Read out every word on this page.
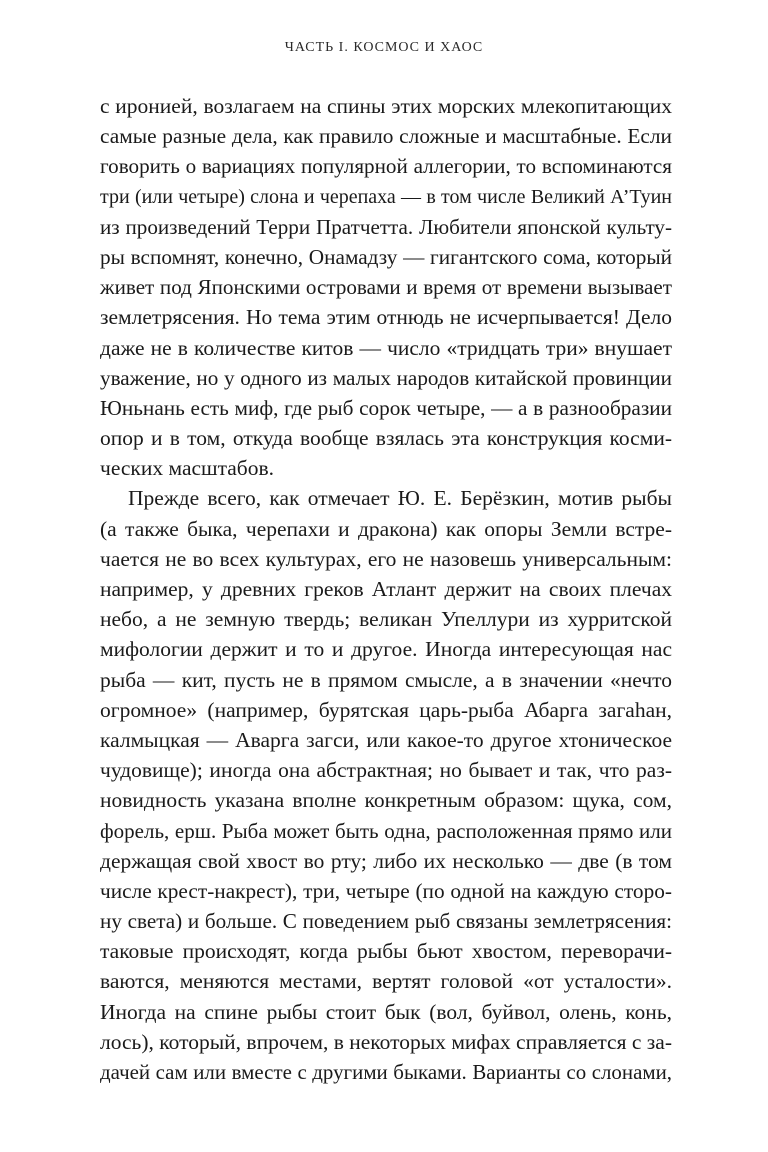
ЧАСТЬ I. КОСМОС И ХАОС
с иронией, возлагаем на спины этих морских млекопитающих
самые разные дела, как правило сложные и масштабные. Если
говорить о вариациях популярной аллегории, то вспоминаются
три (или четыре) слона и черепаха — в том числе Великий А’Туин
из произведений Терри Пратчетта. Любители японской культу-
ры вспомнят, конечно, Онамадзу — гигантского сома, который
живет под Японскими островами и время от времени вызывает
землетрясения. Но тема этим отнюдь не исчерпывается! Дело
даже не в количестве китов — число «тридцать три» внушает
уважение, но у одного из малых народов китайской провинции
Юньнань есть миф, где рыб сорок четыре, — а в разнообразии
опор и в том, откуда вообще взялась эта конструкция косми-
ческих масштабов.
Прежде всего, как отмечает Ю. Е. Берёзкин, мотив рыбы
(а также быка, черепахи и дракона) как опоры Земли встре-
чается не во всех культурах, его не назовешь универсальным:
например, у древних греков Атлант держит на своих плечах
небо, а не земную твердь; великан Упеллури из хурритской
мифологии держит и то и другое. Иногда интересующая нас
рыба — кит, пусть не в прямом смысле, а в значении «нечто
огромное» (например, бурятская царь-рыба Абарга загаһан,
калмыцкая — Аварга загси, или какое-то другое хтоническое
чудовище); иногда она абстрактная; но бывает и так, что раз-
новидность указана вполне конкретным образом: щука, сом,
форель, ерш. Рыба может быть одна, расположенная прямо или
держащая свой хвост во рту; либо их несколько — две (в том
числе крест-накрест), три, четыре (по одной на каждую сторо-
ну света) и больше. С поведением рыб связаны землетрясения:
таковые происходят, когда рыбы бьют хвостом, переворачи-
ваются, меняются местами, вертят головой «от усталости».
Иногда на спине рыбы стоит бык (вол, буйвол, олень, конь,
лось), который, впрочем, в некоторых мифах справляется с за-
дачей сам или вместе с другими быками. Варианты со слонами,
